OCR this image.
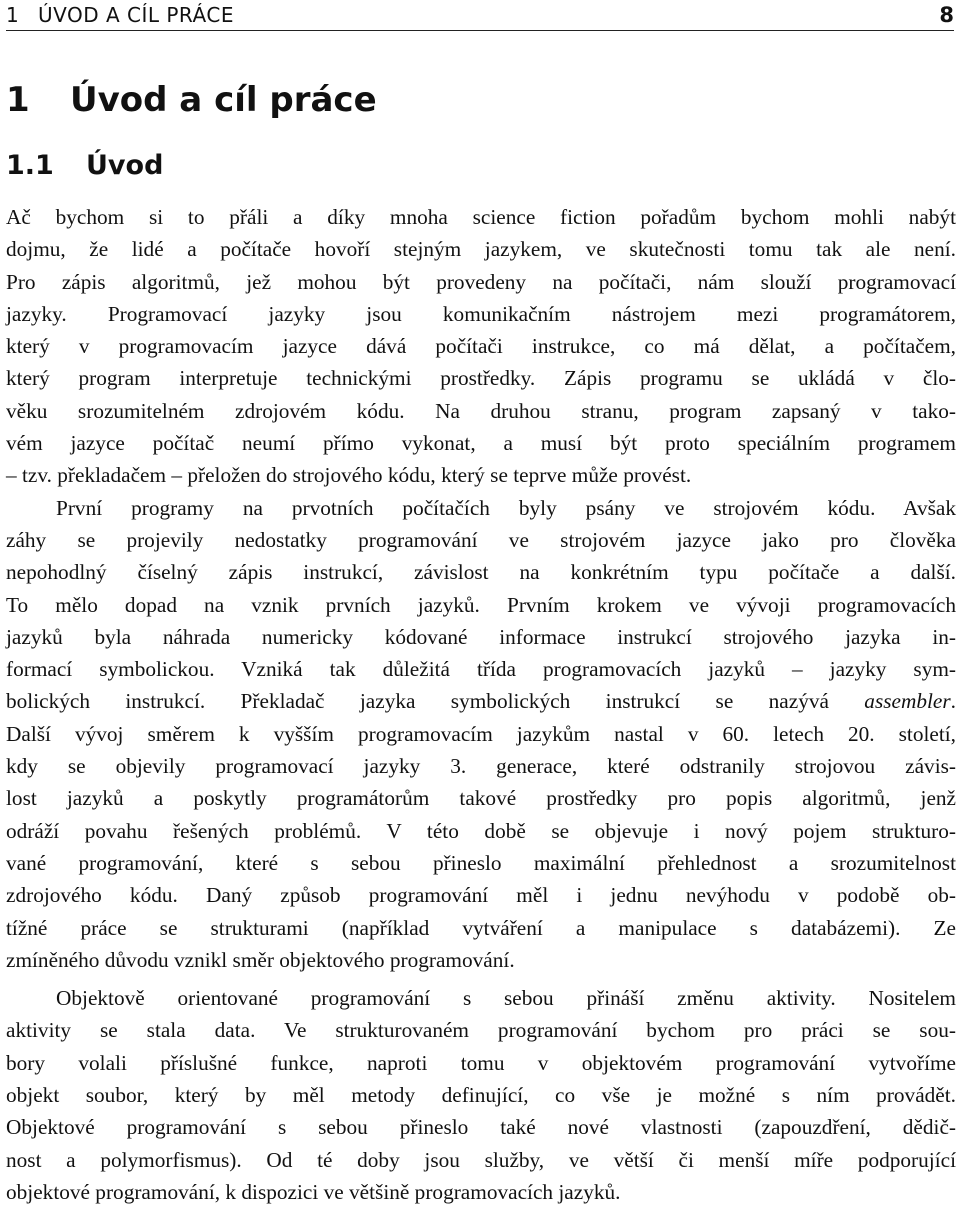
1 ÚVOD A CÍL PRÁCE	8
1 Úvod a cíl práce
1.1 Úvod
Ač bychom si to přáli a díky mnoha science fiction pořadům bychom mohli nabýt
dojmu, že lidé a počítače hovoří stejným jazykem, ve skutečnosti tomu tak ale není.
Pro zápis algoritmů, jež mohou být provedeny na počítači, nám slouží programovací
jazyky. Programovací jazyky jsou komunikačním nástrojem mezi programátorem,
který v programovacím jazyce dává počítači instrukce, co má dělat, a počítačem,
který program interpretuje technickými prostředky. Zápis programu se ukládá v člo-
věku srozumitelném zdrojovém kódu. Na druhou stranu, program zapsaný v tako-
vém jazyce počítač neumí přímo vykonat, a musí být proto speciálním programem
– tzv. překladačem – přeložen do strojového kódu, který se teprve může provést.
První programy na prvotních počítačích byly psány ve strojovém kódu. Avšak
záhy se projevily nedostatky programování ve strojovém jazyce jako pro člověka
nepohodlný číselný zápis instrukcí, závislost na konkrétním typu počítače a další.
To mělo dopad na vznik prvních jazyků. Prvním krokem ve vývoji programovacích
jazyků byla náhrada numericky kódované informace instrukcí strojového jazyka in-
formací symbolickou. Vzniká tak důležitá třída programovacích jazyků – jazyky sym-
bolických instrukcí. Překladač jazyka symbolických instrukcí se nazývá assembler.
Další vývoj směrem k vyšším programovacím jazykům nastal v 60. letech 20. století,
kdy se objevily programovací jazyky 3. generace, které odstranily strojovou závis-
lost jazyků a poskytly programátorům takové prostředky pro popis algoritmů, jenž
odráží povahu řešených problémů. V této době se objevuje i nový pojem strukturo-
vané programování, které s sebou přineslo maximální přehlednost a srozumitelnost
zdrojového kódu. Daný způsob programování měl i jednu nevýhodu v podobě ob-
tížné práce se strukturami (například vytváření a manipulace s databázemi). Ze
zmíněného důvodu vznikl směr objektového programování.
Objektově orientované programování s sebou přináší změnu aktivity. Nositelem
aktivity se stala data. Ve strukturovaném programování bychom pro práci se sou-
bory volali příslušné funkce, naproti tomu v objektovém programování vytvoříme
objekt soubor, který by měl metody definující, co vše je možné s ním provádět.
Objektové programování s sebou přineslo také nové vlastnosti (zapouzdření, dědič-
nost a polymorfismus). Od té doby jsou služby, ve větší či menší míře podporující
objektové programování, k dispozici ve většině programovacích jazyků.
